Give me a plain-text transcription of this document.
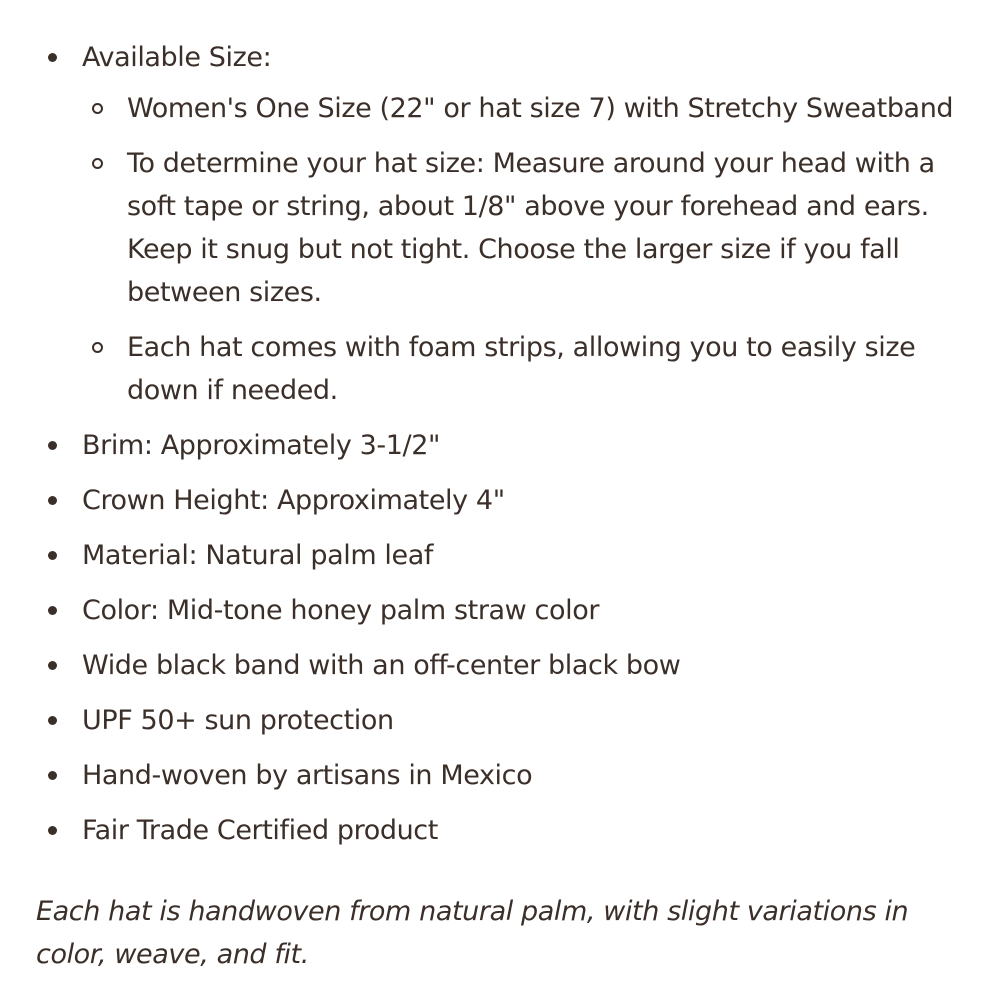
Available Size:
Women's One Size (22" or hat size 7) with Stretchy Sweatband
To determine your hat size: Measure around your head with a soft tape or string, about 1/8" above your forehead and ears. Keep it snug but not tight. Choose the larger size if you fall between sizes.
Each hat comes with foam strips, allowing you to easily size down if needed.
Brim: Approximately 3-1/2"
Crown Height: Approximately 4"
Material: Natural palm leaf
Color: Mid-tone honey palm straw color
Wide black band with an off-center black bow
UPF 50+ sun protection
Hand-woven by artisans in Mexico
Fair Trade Certified product

Each hat is handwoven from natural palm, with slight variations in color, weave, and fit.
